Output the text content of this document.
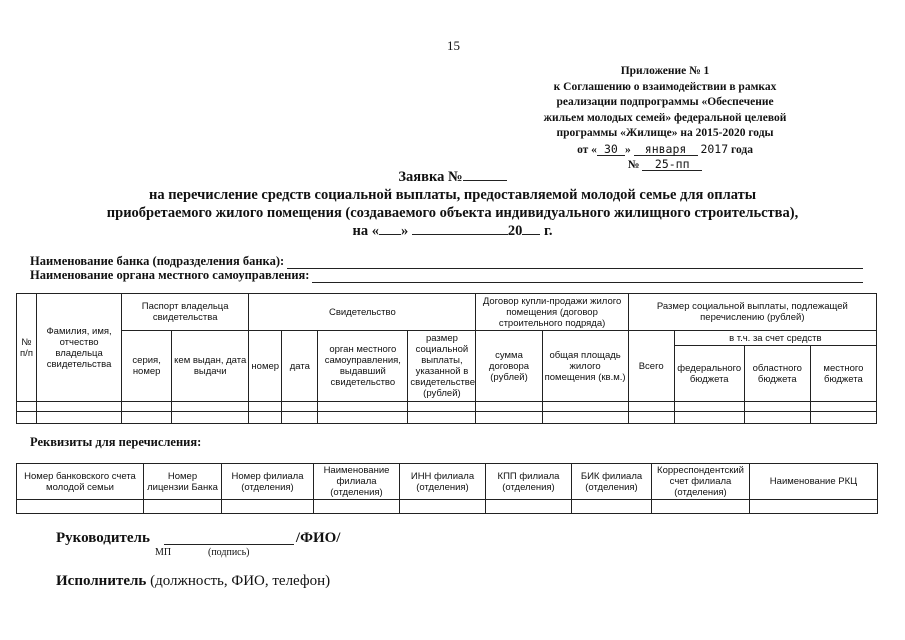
15
Приложение № 1
к Соглашению о взаимодействии в рамках
реализации подпрограммы «Обеспечение
жильем молодых семей» федеральной целевой
программы «Жилище» на 2015-2020 годы
от « 30 » января 2017 года
№ 25-пп
Заявка №
на перечисление средств социальной выплаты, предоставляемой молодой семье для оплаты
приобретаемого жилого помещения (создаваемого объекта индивидуального жилищного строительства),
на « »	20 г.
Наименование банка (подразделения банка):
Наименование органа местного самоуправления:
№ п/п	Фамилия, имя, отчество владельца свидетельства	Паспорт владельца свидетельства		Свидетельство				Договор купли-продажи жилого помещения (договор строительного подряда)		Размер социальной выплаты, подлежащей перечислению (рублей)			
		серия, номер	кем выдан, дата выдачи	номер	дата	орган местного самоуправления, выдавший свидетельство	размер социальной выплаты, указанной в свидетельстве (рублей)	сумма договора (рублей)	общая площадь жилого помещения (кв.м.)	Всего	в т.ч. за счет средств		
											федерального бюджета	областного бюджета	местного бюджета

Реквизиты для перечисления:
Номер банковского счета молодой семьи	Номер лицензии Банка	Номер филиала (отделения)	Наименование филиала (отделения)	ИНН филиала (отделения)	КПП филиала (отделения)	БИК филиала (отделения)	Корреспондентский счет филиала (отделения)	Наименование РКЦ

Руководитель	/ФИО/
МП	(подпись)
Исполнитель (должность, ФИО, телефон)
